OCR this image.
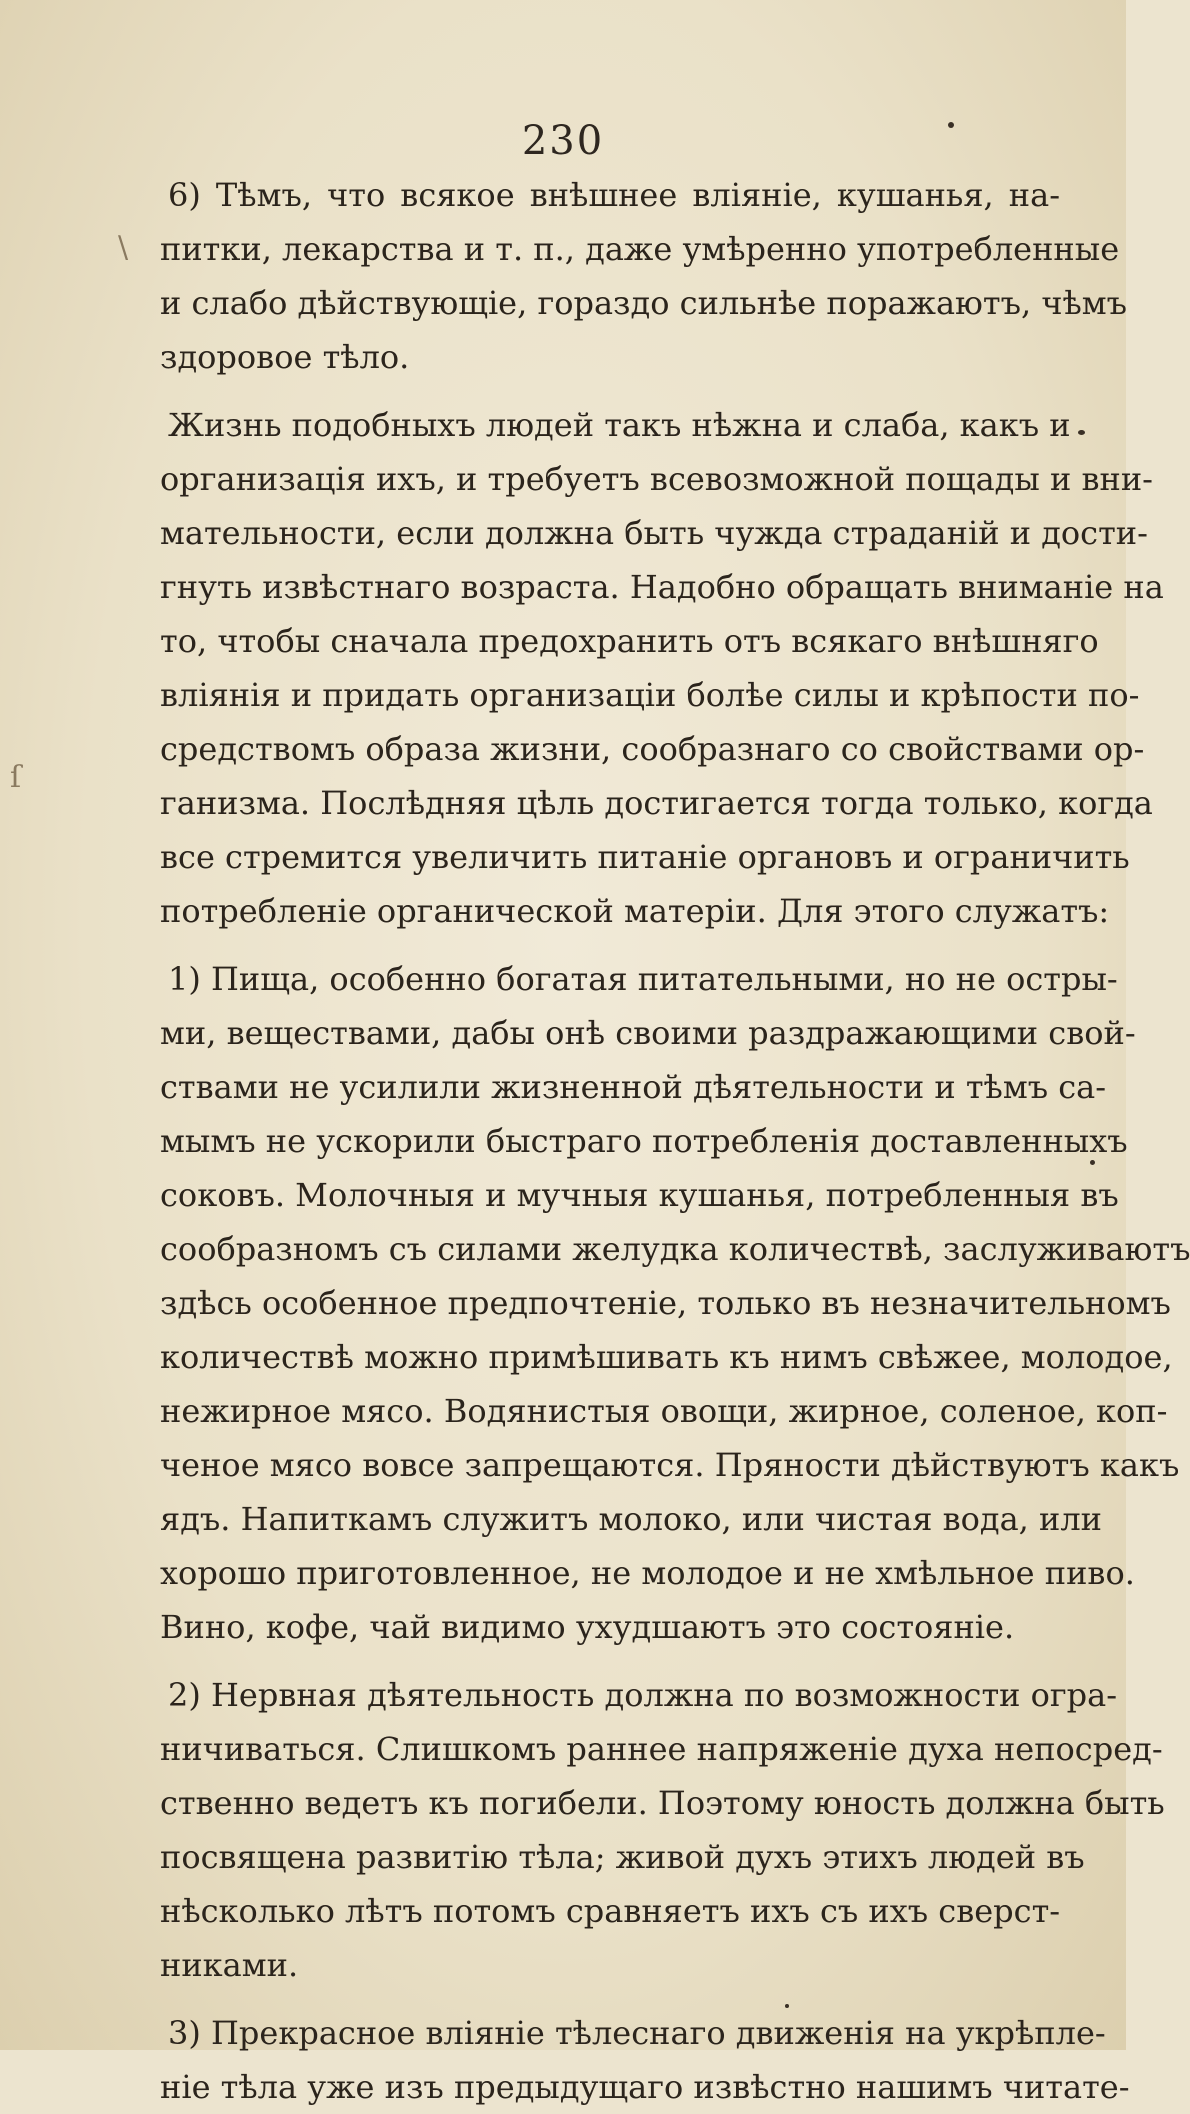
230
6) Тѣмъ, что всякое внѣшнее вліяніе, кушанья, на-
питки, лекарства и т. п., даже умѣренно употребленные
и слабо дѣйствующіе, гораздо сильнѣе поражаютъ, чѣмъ
здоровое тѣло.
Жизнь подобныхъ людей такъ нѣжна и слаба, какъ и
организація ихъ, и требуетъ всевозможной пощады и вни-
мательности, если должна быть чужда страданій и дости-
гнуть извѣстнаго возраста. Надобно обращать вниманіе на
то, чтобы сначала предохранить отъ всякаго внѣшняго
вліянія и придать организаціи болѣе силы и крѣпости по-
средствомъ образа жизни, сообразнаго со свойствами ор-
ганизма. Послѣдняя цѣль достигается тогда только, когда
все стремится увеличить питаніе органовъ и ограничить
потребленіе органической матеріи. Для этого служатъ:
1) Пища, особенно богатая питательными, но не остры-
ми, веществами, дабы онѣ своими раздражающими свой-
ствами не усилили жизненной дѣятельности и тѣмъ са-
мымъ не ускорили быстраго потребленія доставленныхъ
соковъ. Молочныя и мучныя кушанья, потребленныя въ
сообразномъ съ силами желудка количествѣ, заслуживаютъ
здѣсь особенное предпочтеніе, только въ незначительномъ
количествѣ можно примѣшивать къ нимъ свѣжее, молодое,
нежирное мясо. Водянистыя овощи, жирное, соленое, коп-
ченое мясо вовсе запрещаются. Пряности дѣйствуютъ какъ
ядъ. Напиткамъ служитъ молоко, или чистая вода, или
хорошо приготовленное, не молодое и не хмѣльное пиво.
Вино, кофе, чай видимо ухудшаютъ это состояніе.
2) Нервная дѣятельность должна по возможности огра-
ничиваться. Слишкомъ раннее напряженіе духа непосред-
ственно ведетъ къ погибели. Поэтому юность должна быть
посвящена развитію тѣла; живой духъ этихъ людей въ
нѣсколько лѣтъ потомъ сравняетъ ихъ съ ихъ сверст-
никами.
3) Прекрасное вліяніе тѣлеснаго движенія на укрѣпле-
ніе тѣла уже изъ предыдущаго извѣстно нашимъ читате-
\
ſ
